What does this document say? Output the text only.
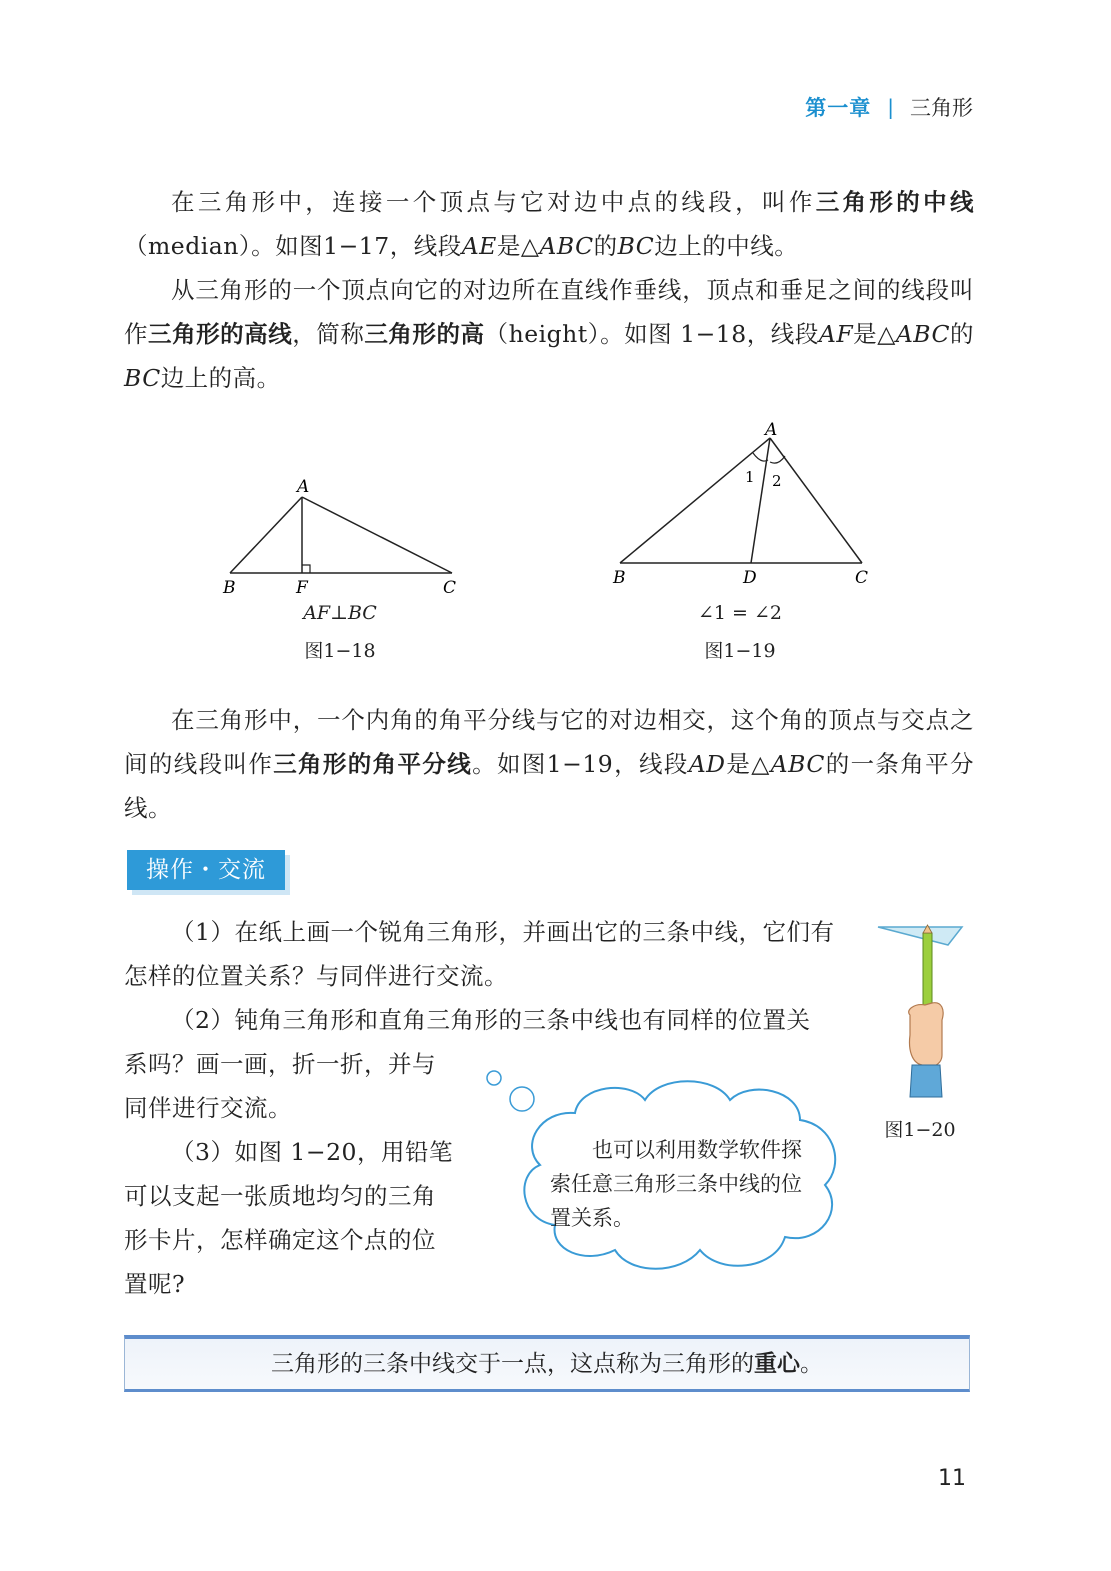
第一章 | 三角形

在三角形中，连接一个顶点与它对边中点的线段，叫作三角形的中线（median）。如图1−17，线段AE是△ABC的BC边上的中线。

从三角形的一个顶点向它的对边所在直线作垂线，顶点和垂足之间的线段叫作三角形的高线，简称三角形的高（height）。如图 1−18，线段AF是△ABC的BC边上的高。

A
B	F	C
AF⊥BC
图1−18
A
1 2
B	D	C
∠1 = ∠2
图1−19

在三角形中，一个内角的角平分线与它的对边相交，这个角的顶点与交点之间的线段叫作三角形的角平分线。如图1−19，线段AD是△ABC的一条角平分线。

操作・交流

（1）在纸上画一个锐角三角形，并画出它的三条中线，它们有怎样的位置关系？与同伴进行交流。

（2）钝角三角形和直角三角形的三条中线也有同样的位置关

系吗？画一画，折一折，并与

同伴进行交流。

（3）如图 1−20，用铅笔

可以支起一张质地均匀的三角

形卡片，怎样确定这个点的位

置呢?

也可以利用数学软件探索任意三角形三条中线的位置关系。
图1−20
三角形的三条中线交于一点，这点称为三角形的重心。
11
